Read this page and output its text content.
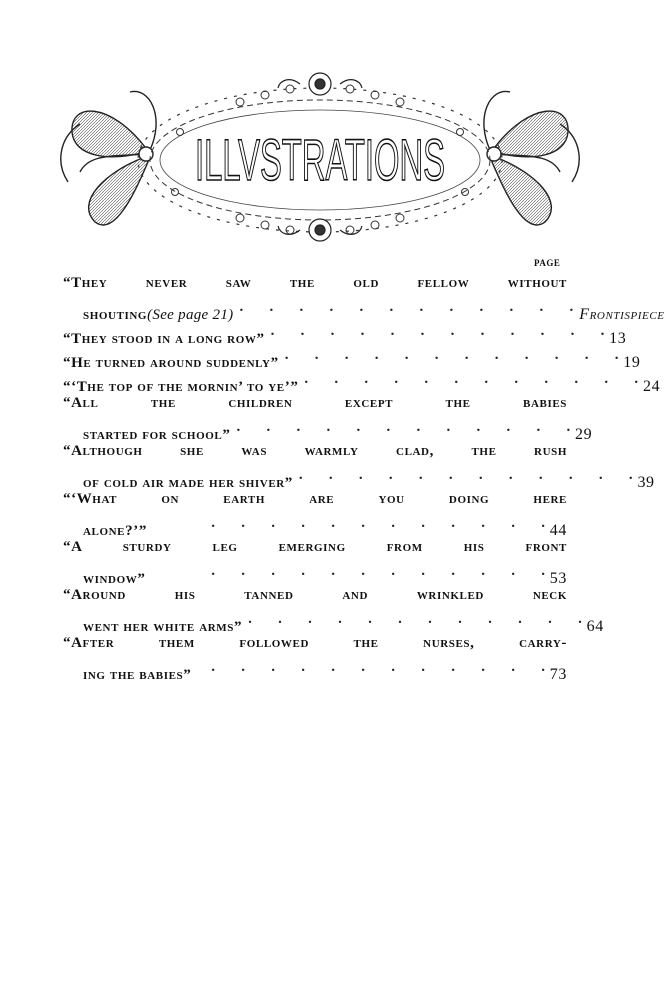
ILLVSTRATIONS
PAGE
“They never saw the old fellow without
shouting (See page 21) .	Frontispiece
“They stood in a long row” .	13
“He turned around suddenly” .	19
“‘The top of the mornin’ to ye’” .	24
“All the children except the babies
started for school” .	29
“Although she was warmly clad, the rush
of cold air made her shiver” .	39
“‘What on earth are you doing here
alone?’” .	44
“A sturdy leg emerging from his front
window” .	53
“Around his tanned and wrinkled neck
went her white arms” .	64
“After them followed the nurses, carry-
ing the babies” .	73
